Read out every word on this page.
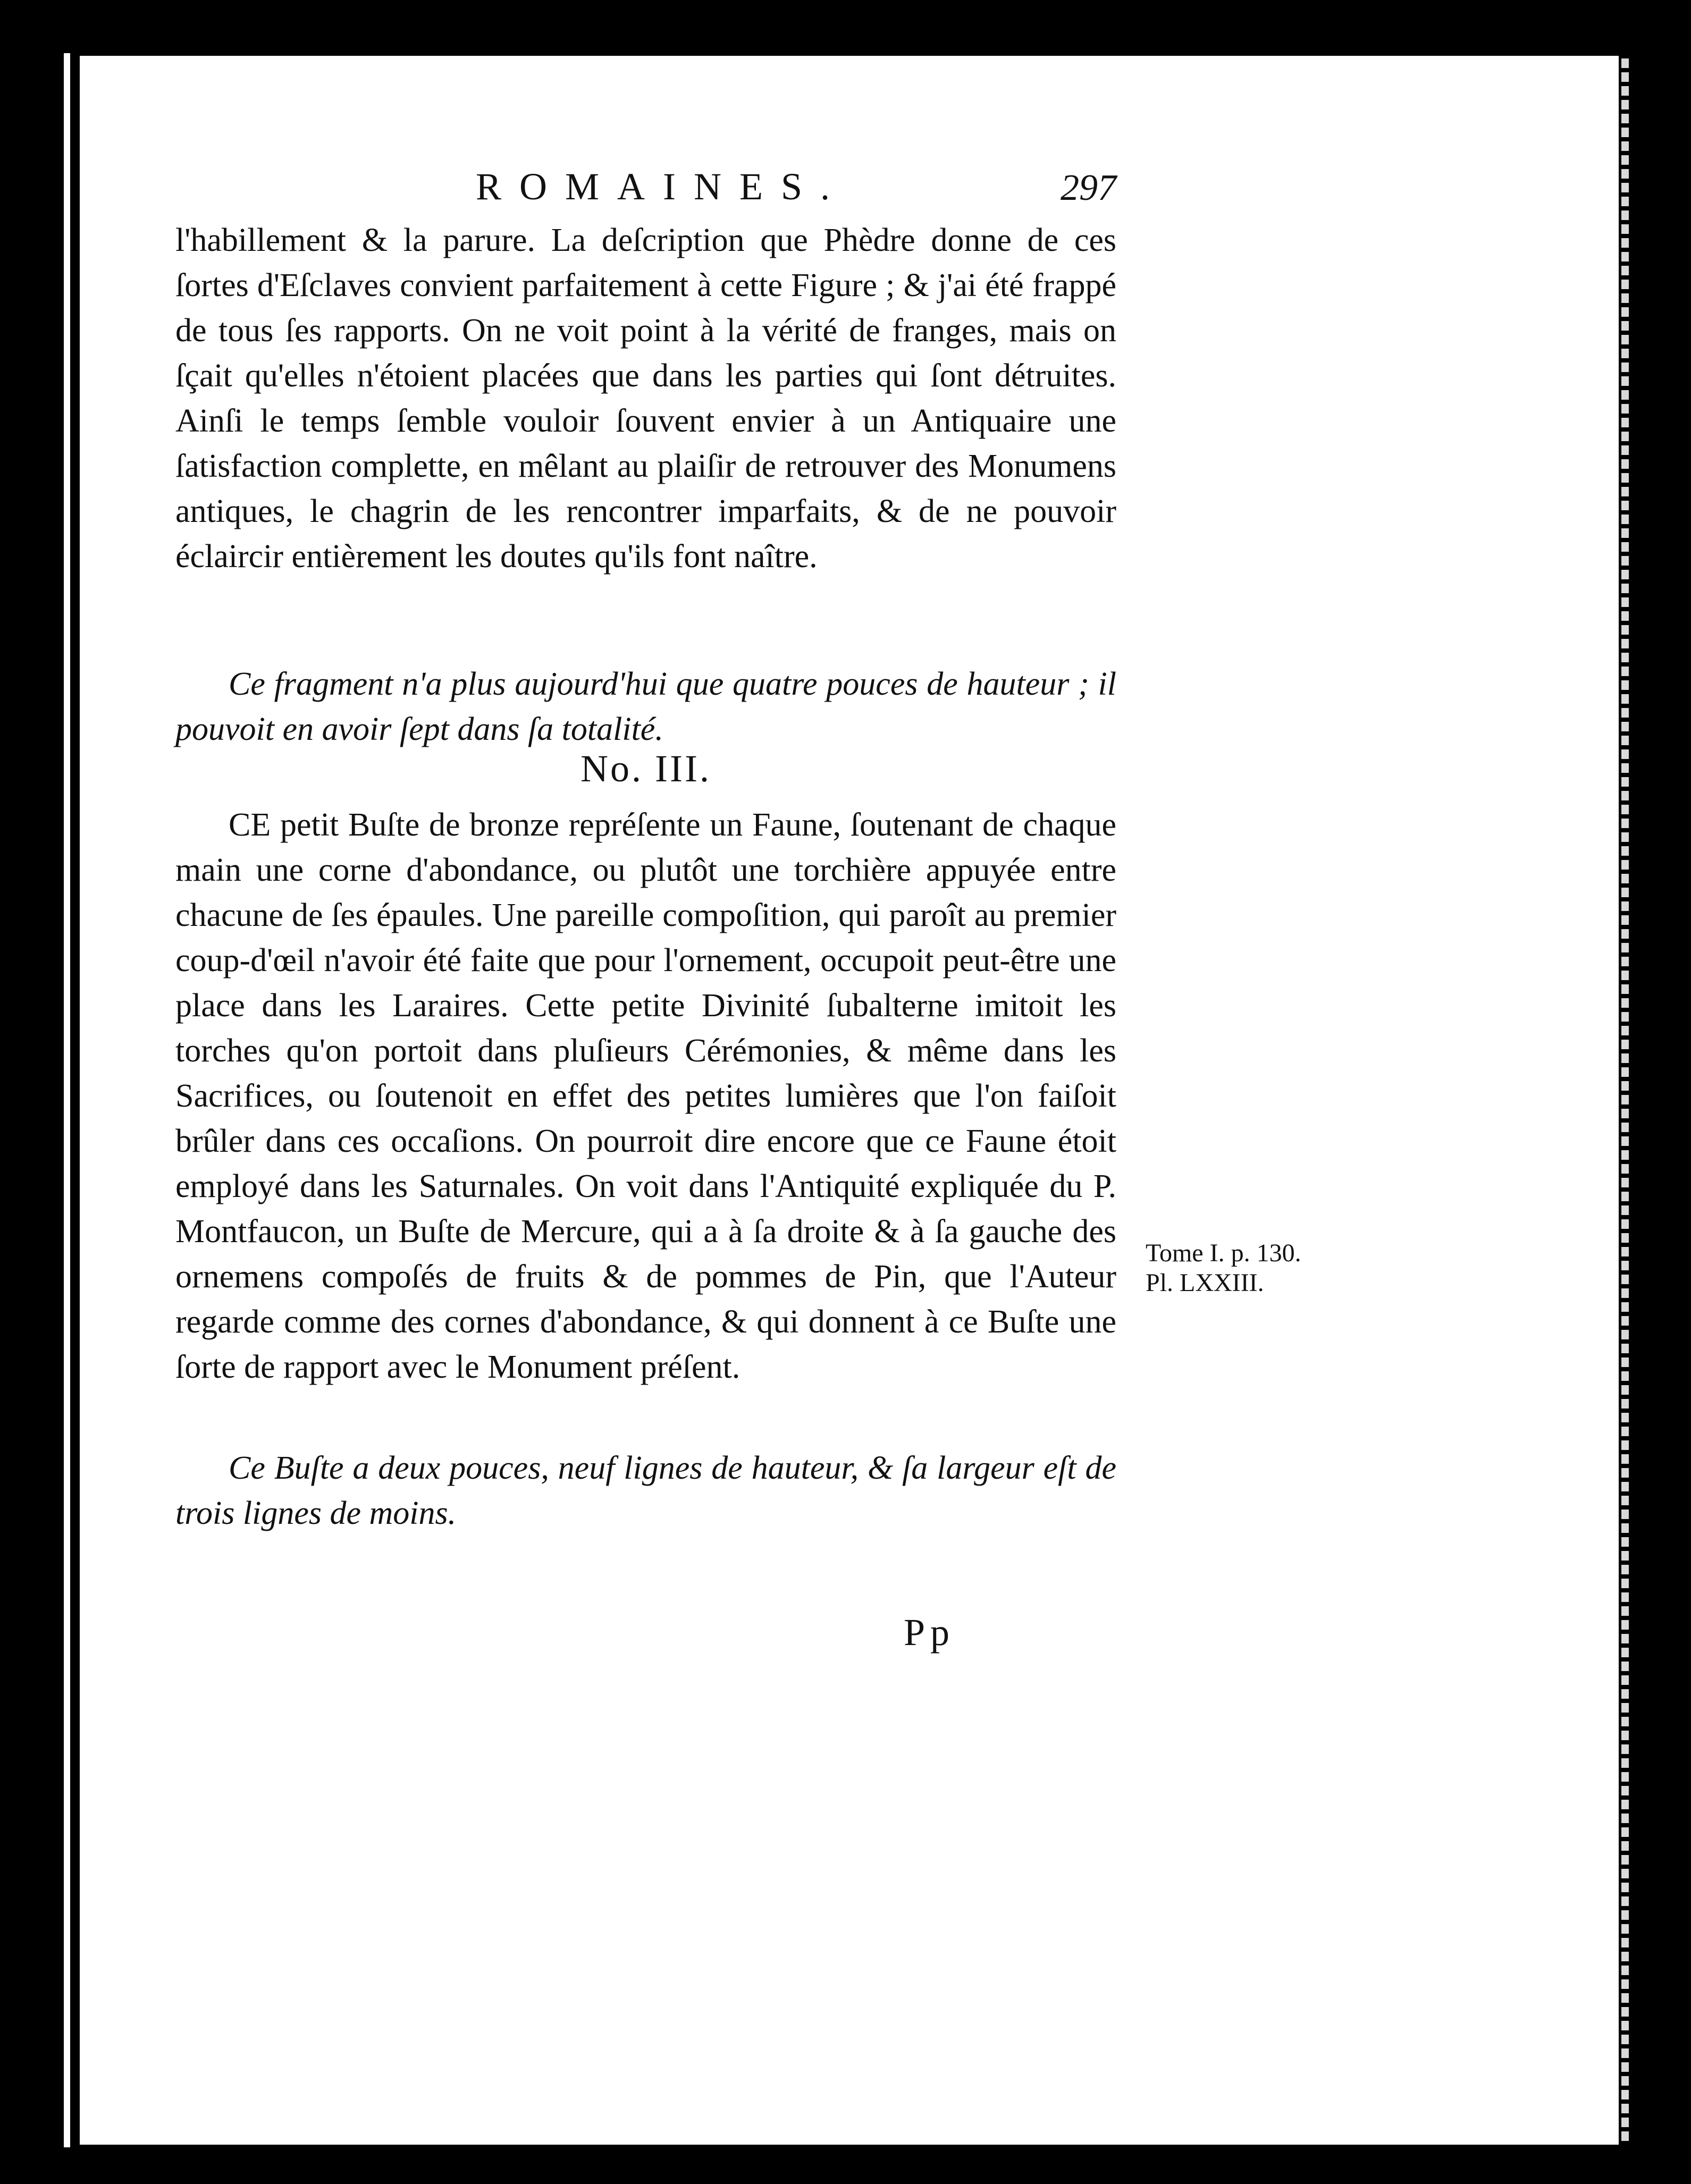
ROMAINES.	297

l'habillement & la parure. La deſcription que Phèdre donne de ces ſortes d'Eſclaves convient parfaitement à cette Figure ; & j'ai été frappé de tous ſes rapports. On ne voit point à la vérité de franges, mais on ſçait qu'elles n'étoient placées que dans les parties qui ſont détruites. Ainſi le temps ſemble vouloir ſouvent envier à un Antiquaire une ſatisfaction complette, en mêlant au plaiſir de retrouver des Monumens antiques, le chagrin de les rencontrer imparfaits, & de ne pouvoir éclaircir entièrement les doutes qu'ils font naître.

Ce fragment n'a plus aujourd'hui que quatre pouces de hauteur ; il pouvoit en avoir ſept dans ſa totalité.

No. III.

CE petit Buſte de bronze repréſente un Faune, ſoutenant de chaque main une corne d'abondance, ou plutôt une torchière appuyée entre chacune de ſes épaules. Une pareille compoſition, qui paroît au premier coup-d'œil n'avoir été faite que pour l'ornement, occupoit peut-être une place dans les Laraires. Cette petite Divinité ſubalterne imitoit les torches qu'on portoit dans pluſieurs Cérémonies, & même dans les Sacrifices, ou ſoutenoit en effet des petites lumières que l'on faiſoit brûler dans ces occaſions. On pourroit dire encore que ce Faune étoit employé dans les Saturnales. On voit dans l'Antiquité expliquée du P. Montfaucon, un Buſte de Mercure, qui a à ſa droite & à ſa gauche des ornemens compoſés de fruits & de pommes de Pin, que l'Auteur regarde comme des cornes d'abondance, & qui donnent à ce Buſte une ſorte de rapport avec le Monument préſent.

Ce Buſte a deux pouces, neuf lignes de hauteur, & ſa largeur eſt de trois lignes de moins.

Tome I. p. 130.
Pl. LXXIII.
Pp
